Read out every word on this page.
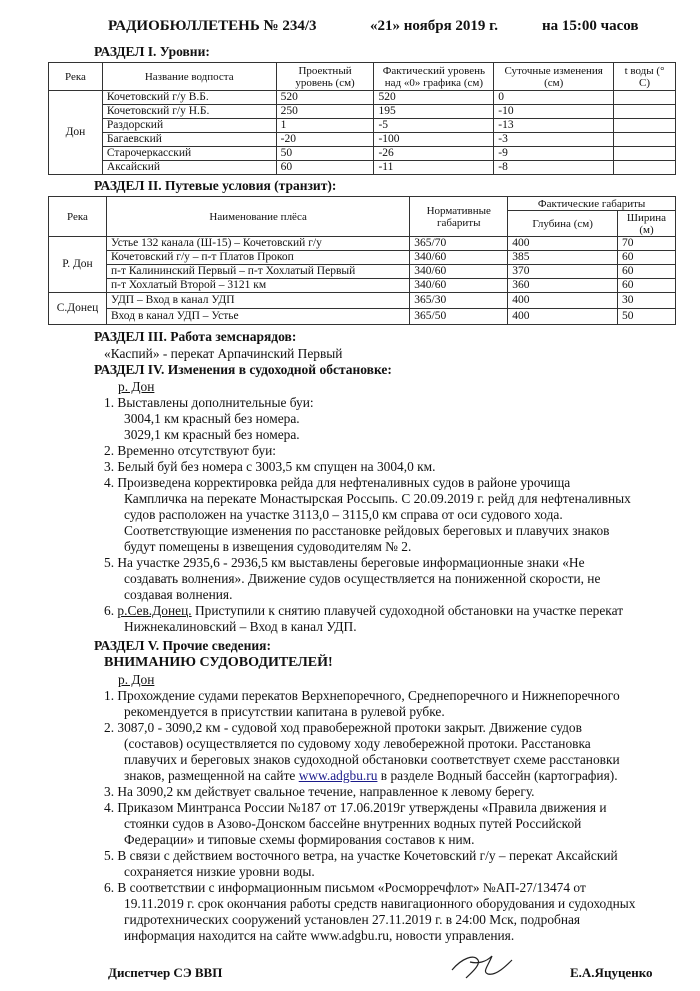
РАДИОБЮЛЛЕТЕНЬ № 234/3	«21» ноября 2019 г.	на 15:00 часов
РАЗДЕЛ I. Уровни:
Река	Название водпоста	Проектный уровень (см)	Фактический уровень над «0» графика (см)	Суточные изменения (см)	t воды (° С)
Дон	Кочетовский г/у В.Б.	520	520	0	
	Кочетовский г/у Н.Б.	250	195	-10	
	Раздорский	1	-5	-13	
	Багаевский	-20	-100	-3	
	Старочеркасский	50	-26	-9	
	Аксайский	60	-11	-8	
РАЗДЕЛ II. Путевые условия (транзит):
Река	Наименование плёса	Нормативные габариты	Фактические габариты	
			Глубина (см)	Ширина (м)
Р. Дон	Устье 132 канала (Ш-15) – Кочетовский г/у	365/70	400	70
	Кочетовский г/у – п-т Платов Прокоп	340/60	385	60
	п-т Калининский Первый – п-т Хохлатый Первый	340/60	370	60
	п-т Хохлатый Второй – 3121 км	340/60	360	60
С.Донец	УДП – Вход в канал УДП	365/30	400	30
	Вход в канал УДП – Устье	365/50	400	50
РАЗДЕЛ III. Работа земснарядов:
«Каспий» - перекат Арпачинский Первый
РАЗДЕЛ IV. Изменения в судоходной обстановке:
р. Дон
1. Выставлены дополнительные буи:
3004,1 км красный без номера.
3029,1 км красный без номера.
2. Временно отсутствуют буи:
3. Белый буй без номера с 3003,5 км спущен на 3004,0 км.
4. Произведена корректировка рейда для нефтеналивных судов в районе урочища
Кампличка на перекате Монастырская Россыпь. С 20.09.2019 г. рейд для нефтеналивных
судов расположен на участке 3113,0 – 3115,0 км справа от оси судового хода.
Соответствующие изменения по расстановке рейдовых береговых и плавучих знаков
будут помещены в извещения судоводителям № 2.
5. На участке 2935,6 - 2936,5 км выставлены береговые информационные знаки «Не
создавать волнения». Движение судов осуществляется на пониженной скорости, не
создавая волнения.
6. р.Сев.Донец. Приступили к снятию плавучей судоходной обстановки на участке перекат
Нижнекалиновский – Вход в канал УДП.
РАЗДЕЛ V. Прочие сведения:
ВНИМАНИЮ СУДОВОДИТЕЛЕЙ!
р. Дон
1. Прохождение судами перекатов Верхнепоречного, Среднепоречного и Нижнепоречного
рекомендуется в присутствии капитана в рулевой рубке.
2. 3087,0 - 3090,2 км - судовой ход правобережной протоки закрыт. Движение судов
(составов) осуществляется по судовому ходу левобережной протоки. Расстановка
плавучих и береговых знаков судоходной обстановки соответствует схеме расстановки
знаков, размещенной на сайте www.adgbu.ru в разделе Водный бассейн (картография).
3. На 3090,2 км действует свальное течение, направленное к левому берегу.
4. Приказом Минтранса России №187 от 17.06.2019г утверждены «Правила движения и
стоянки судов в Азово-Донском бассейне внутренних водных путей Российской
Федерации» и типовые схемы формирования составов к ним.
5. В связи с действием восточного ветра, на участке Кочетовский г/у – перекат Аксайский
сохраняется низкие уровни воды.
6. В соответствии с информационным письмом «Росморречфлот» №АП-27/13474 от
19.11.2019 г. срок окончания работы средств навигационного оборудования и судоходных
гидротехнических сооружений установлен 27.11.2019 г. в 24:00 Мск, подробная
информация находится на сайте www.adgbu.ru, новости управления.
Диспетчер СЭ ВВП	Е.А.Яцуценко
